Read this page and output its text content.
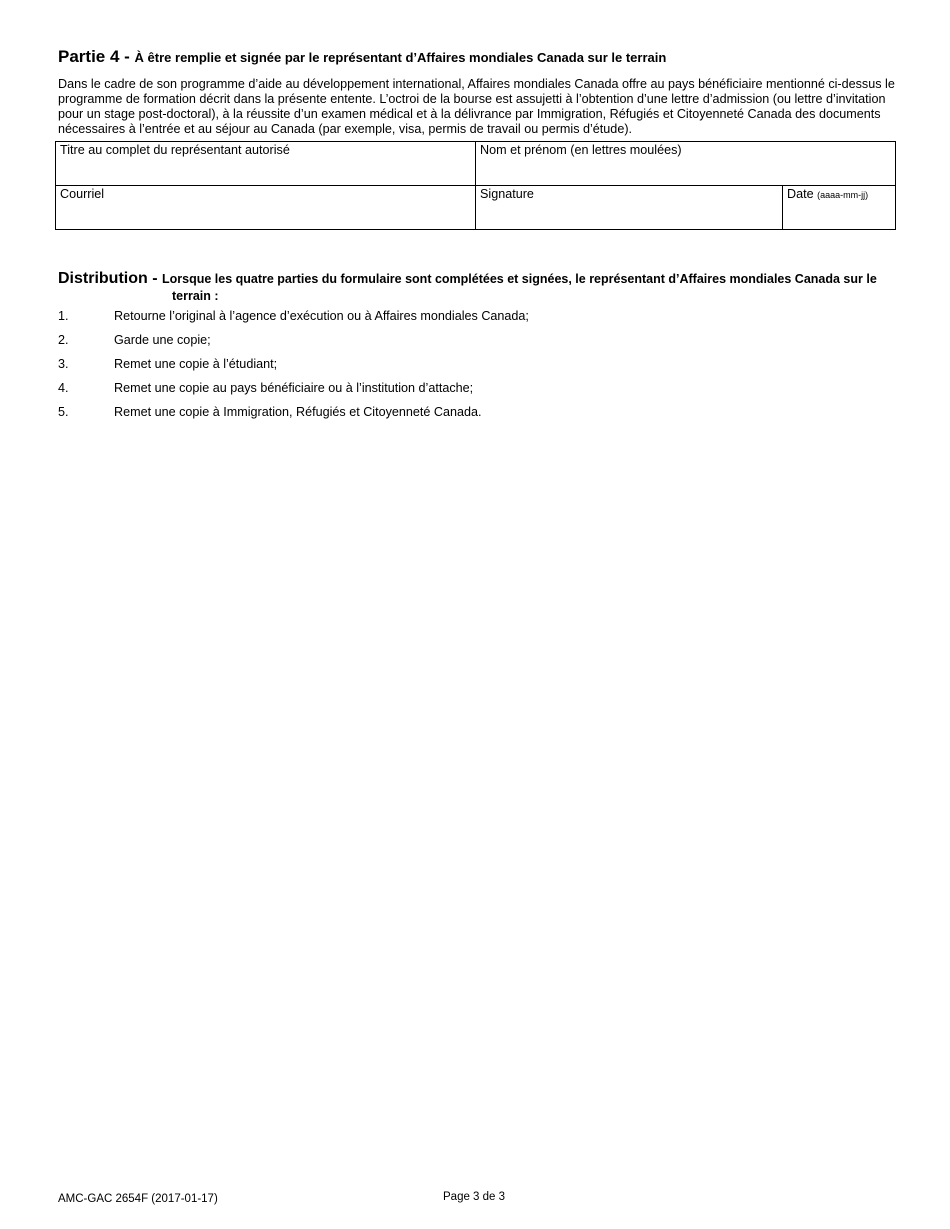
Partie 4 - À être remplie et signée par le représentant d’Affaires mondiales Canada sur le terrain

Dans le cadre de son programme d’aide au développement international, Affaires mondiales Canada offre au pays bénéficiaire mentionné ci-dessus le programme de formation décrit dans la présente entente. L’octroi de la bourse est assujetti à l’obtention d’une lettre d’admission (ou lettre d’invitation pour un stage post-doctoral), à la réussite d’un examen médical et à la délivrance par Immigration, Réfugiés et Citoyenneté Canada des documents nécessaires à l’entrée et au séjour au Canada (par exemple, visa, permis de travail ou permis d’étude).

Titre au complet du représentant autorisé	Nom et prénom (en lettres moulées)	
Courriel	Signature	Date (aaaa-mm-jj)
Distribution - Lorsque les quatre parties du formulaire sont complétées et signées, le représentant d’Affaires mondiales Canada sur le
terrain :
1.	Retourne l’original à l’agence d’exécution ou à Affaires mondiales Canada;
2.	Garde une copie;
3.	Remet une copie à l’étudiant;
4.	Remet une copie au pays bénéficiaire ou à l’institution d’attache;
5.	Remet une copie à Immigration, Réfugiés et Citoyenneté Canada.
AMC-GAC 2654F (2017-01-17)	Page 3 de 3
